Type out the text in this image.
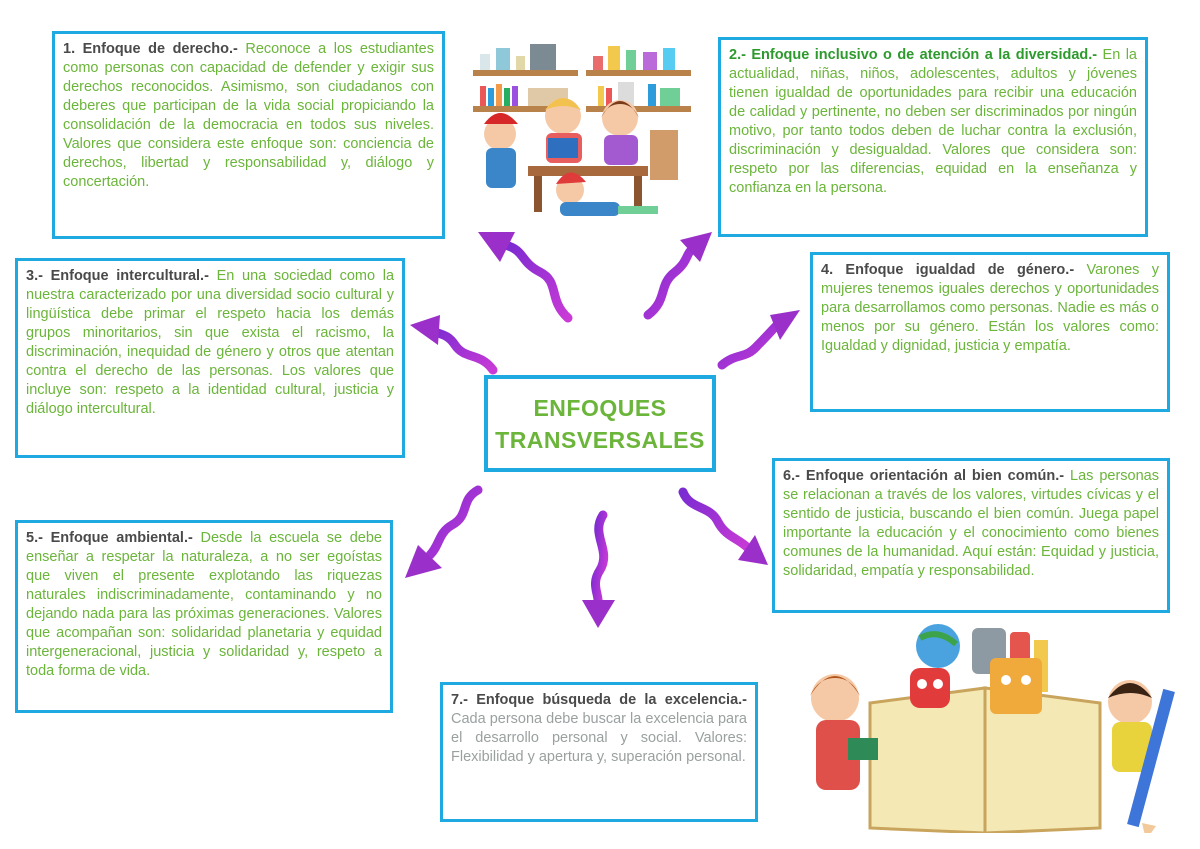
1. Enfoque de derecho.- Reconoce a los estudiantes como personas con capacidad de defender y exigir sus derechos reconocidos. Asimismo, son ciudadanos con deberes que participan de la vida social propiciando la consolidación de la democracia en todos sus niveles. Valores que considera este enfoque son: conciencia de derechos, libertad y responsabilidad y, diálogo y concertación.
2.- Enfoque inclusivo o de atención a la diversidad.- En la actualidad, niñas, niños, adolescentes, adultos y jóvenes tienen igualdad de oportunidades para recibir una educación de calidad y pertinente, no deben ser discriminados por ningún motivo, por tanto todos deben de luchar contra la exclusión, discriminación y desigualdad. Valores que considera son: respeto por las diferencias, equidad en la enseñanza y confianza en la persona.
3.- Enfoque intercultural.- En una sociedad como la nuestra caracterizado por una diversidad socio cultural y lingüística debe primar el respeto hacia los demás grupos minoritarios, sin que exista el racismo, la discriminación, inequidad de género y otros que atentan contra el derecho de las personas. Los valores que incluye son: respeto a la identidad cultural, justicia y diálogo intercultural.
4. Enfoque igualdad de género.- Varones y mujeres tenemos iguales derechos y oportunidades para desarrollamos como personas. Nadie es más o menos por su género. Están los valores como: Igualdad y dignidad, justicia y empatía.
ENFOQUES
TRANSVERSALES
5.- Enfoque ambiental.- Desde la escuela se debe enseñar a respetar la naturaleza, a no ser egoístas que viven el presente explotando las riquezas naturales indiscriminadamente, contaminando y no dejando nada para las próximas generaciones. Valores que acompañan son: solidaridad planetaria y equidad intergeneracional, justicia y solidaridad y, respeto a toda forma de vida.
6.- Enfoque orientación al bien común.- Las personas se relacionan a través de los valores, virtudes cívicas y el sentido de justicia, buscando el bien común. Juega papel importante la educación y el conocimiento como bienes comunes de la humanidad. Aquí están: Equidad y justicia, solidaridad, empatía y responsabilidad.
7.- Enfoque búsqueda de la excelencia.- Cada persona debe buscar la excelencia para el desarrollo personal y social. Valores: Flexibilidad y apertura y, superación personal.
